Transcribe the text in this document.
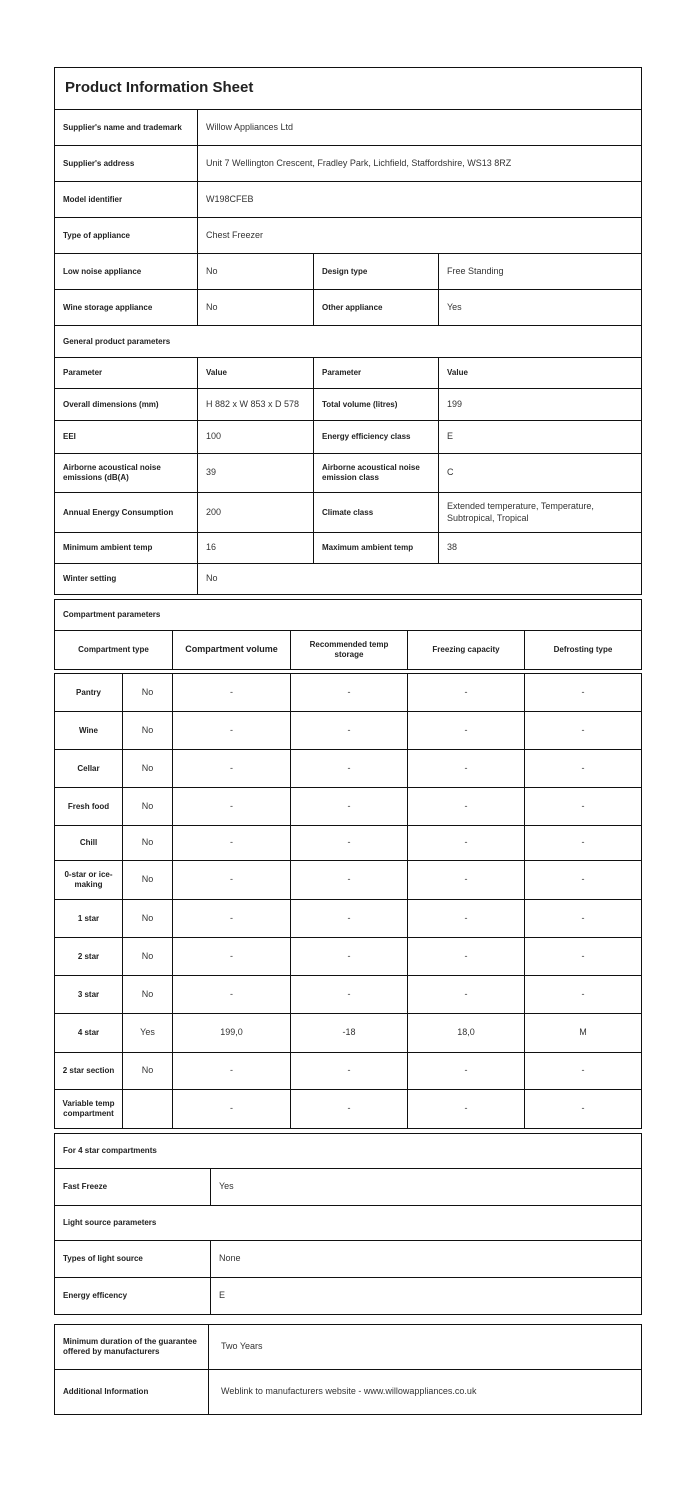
Product Information Sheet			
Supplier's name and trademark	Willow Appliances Ltd		
Supplier's address	Unit 7 Wellington Crescent, Fradley Park, Lichfield, Staffordshire, WS13 8RZ		
Model identifier	W198CFEB		
Type of appliance	Chest Freezer		
Low noise appliance	No	Design type	Free Standing
Wine storage appliance	No	Other appliance	Yes
General product parameters			
Parameter	Value	Parameter	Value
Overall dimensions (mm)	H 882 x W 853 x D 578	Total volume (litres)	199
EEI	100	Energy efficiency class	E
Airborne acoustical noise emissions (dB(A)	39	Airborne acoustical noise emission class	C
Annual Energy Consumption	200	Climate class	Extended temperature, Temperature, Subtropical, Tropical
Minimum ambient temp	16	Maximum ambient temp	38
Winter setting	No		
Compartment parameters					
Compartment type		Compartment volume	Recommended temp storage	Freezing capacity	Defrosting type

Pantry	No	-	-	-	-
Wine	No	-	-	-	-
Cellar	No	-	-	-	-
Fresh food	No	-	-	-	-
Chill	No	-	-	-	-
0-star or ice-making	No	-	-	-	-
1 star	No	-	-	-	-
2 star	No	-	-	-	-
3 star	No	-	-	-	-
4 star	Yes	199,0	-18	18,0	M
2 star section	No	-	-	-	-
Variable temp compartment		-	-	-	-
For 4 star compartments	
Fast Freeze	Yes
Light source parameters	
Types of light source	None
Energy efficency	E
Minimum duration of the guarantee offered by manufacturers	Two Years
Additional Information	Weblink to manufacturers website - www.willowappliances.co.uk
